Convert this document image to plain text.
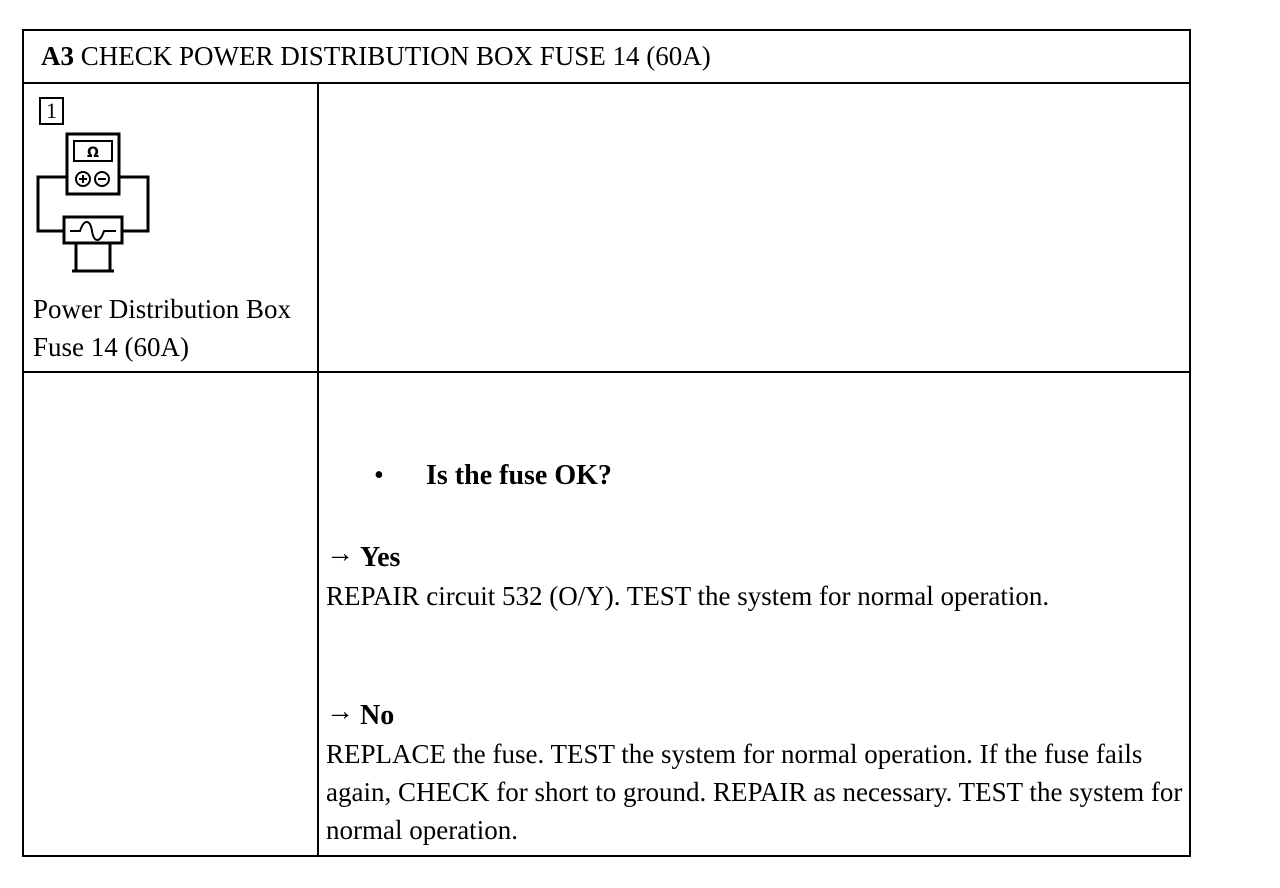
A3 CHECK POWER DISTRIBUTION BOX FUSE 14 (60A)
1
Ω
Power Distribution Box Fuse 14 (60A)
• Is the fuse OK?
→ Yes
REPAIR circuit 532 (O/Y). TEST the system for normal operation.
→ No
REPLACE the fuse. TEST the system for normal operation. If the fuse fails again, CHECK for short to ground. REPAIR as necessary. TEST the system for normal operation.
